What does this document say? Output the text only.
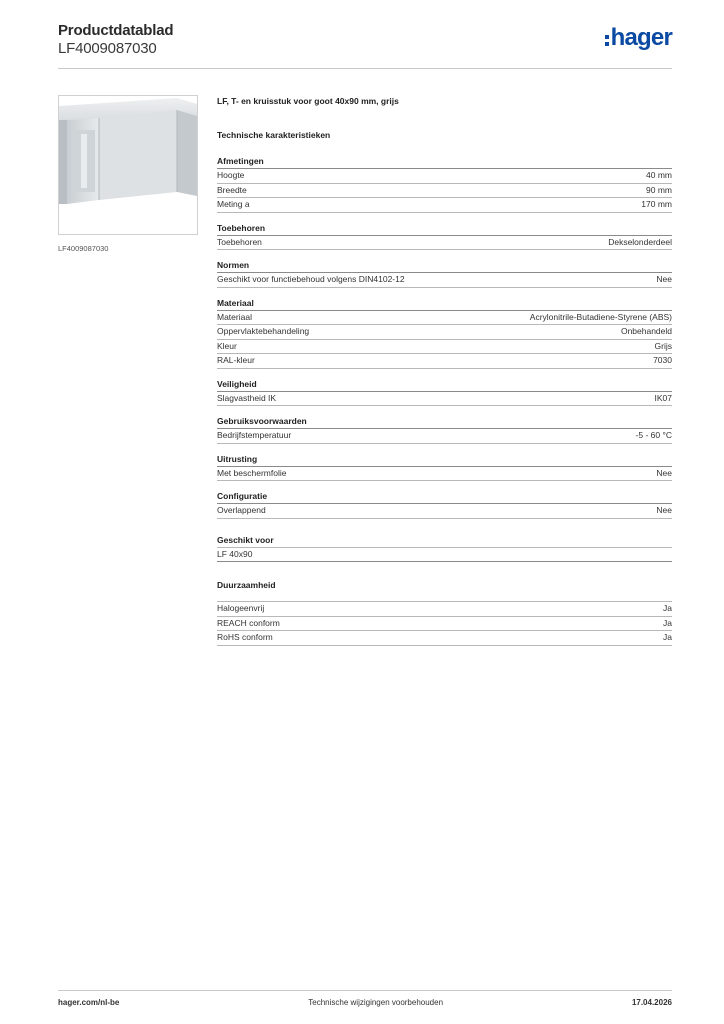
Productdatablad
LF4009087030	hager
LF4009087030
LF, T- en kruisstuk voor goot 40x90 mm, grijs
Technische karakteristieken
Afmetingen
Hoogte	40 mm
Breedte	90 mm
Meting a	170 mm
Toebehoren
Toebehoren	Dekselonderdeel
Normen
Geschikt voor functiebehoud volgens DIN4102-12	Nee
Materiaal
Materiaal	Acrylonitrile-Butadiene-Styrene (ABS)
Oppervlaktebehandeling	Onbehandeld
Kleur	Grijs
RAL-kleur	7030
Veiligheid
Slagvastheid IK	IK07
Gebruiksvoorwaarden
Bedrijfstemperatuur	-5 - 60 °C
Uitrusting
Met beschermfolie	Nee
Configuratie
Overlappend	Nee
Geschikt voor
LF 40x90
Duurzaamheid
Halogeenvrij	Ja
REACH conform	Ja
RoHS conform	Ja
hager.com/nl-be	Technische wijzigingen voorbehouden	17.04.2026
